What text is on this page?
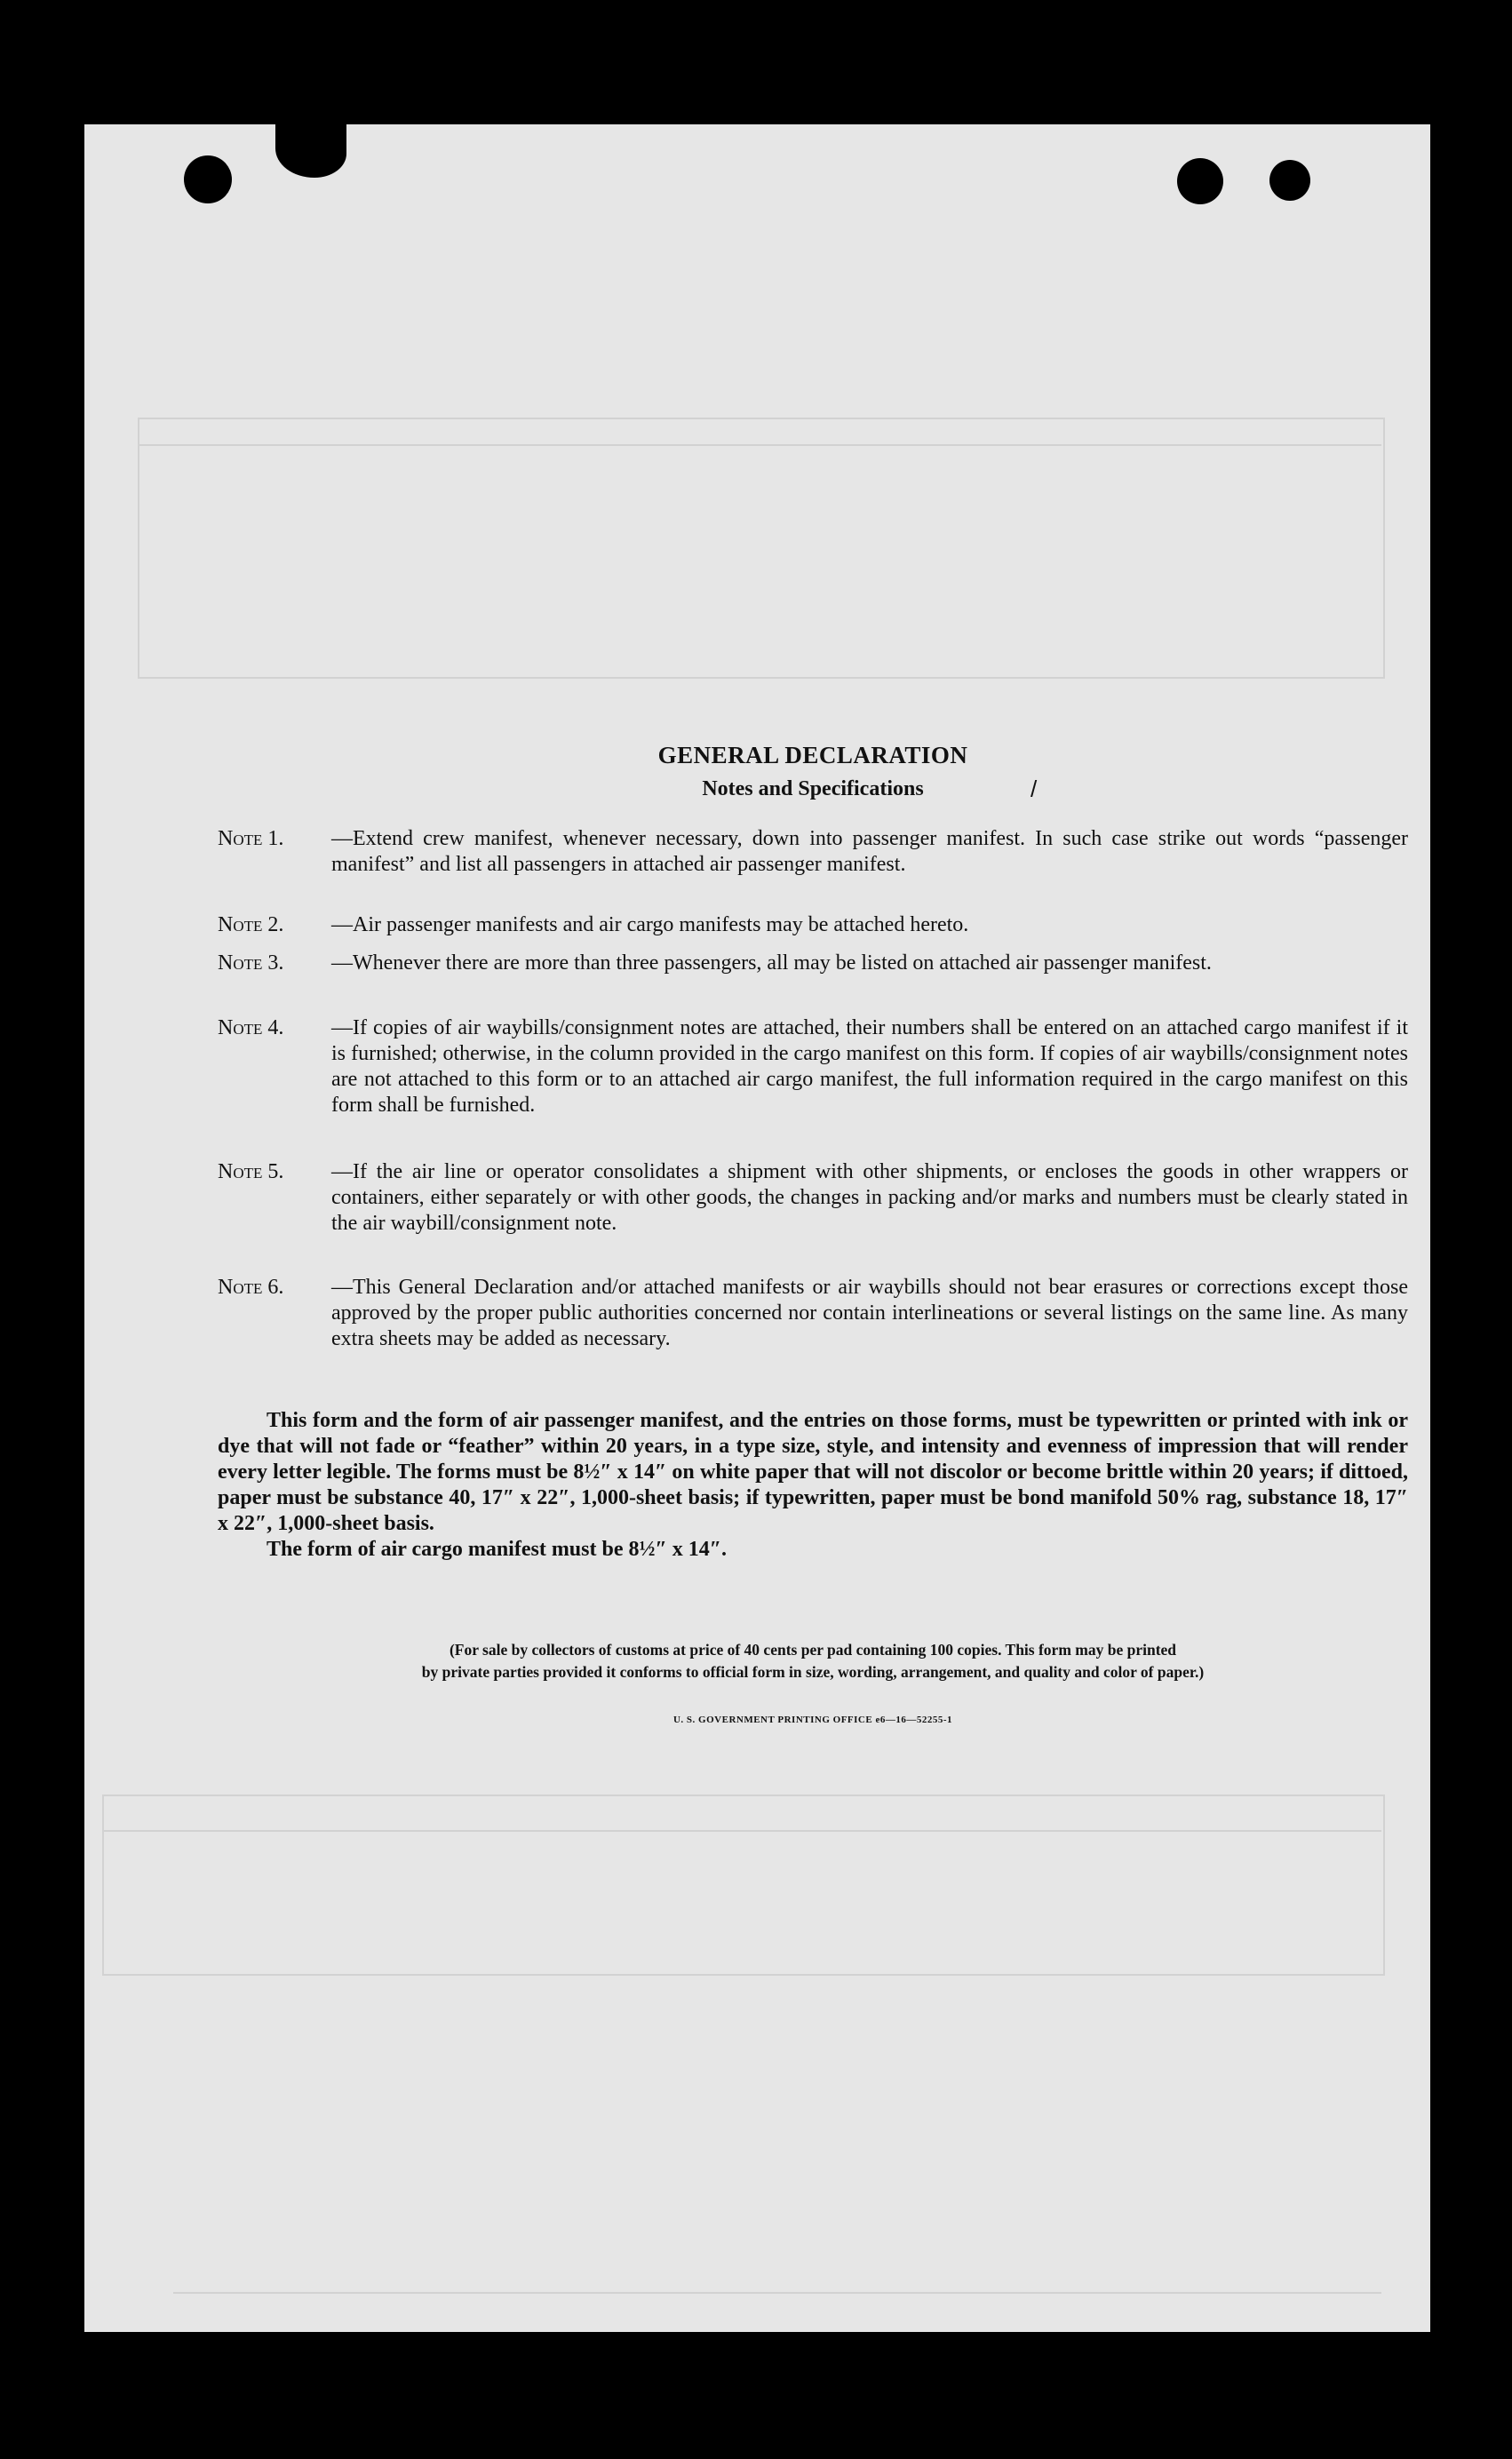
GENERAL DECLARATION
Notes and Specifications	/
Note 1.	—Extend crew manifest, whenever necessary, down into passenger manifest. In such case strike out words “passenger manifest” and list all passengers in attached air passenger manifest.
Note 2.	—Air passenger manifests and air cargo manifests may be attached hereto.
Note 3.	—Whenever there are more than three passengers, all may be listed on attached air passenger manifest.
Note 4.	—If copies of air waybills/consignment notes are attached, their numbers shall be entered on an attached cargo manifest if it is furnished; otherwise, in the column provided in the cargo manifest on this form. If copies of air waybills/consignment notes are not attached to this form or to an attached air cargo manifest, the full information required in the cargo manifest on this form shall be furnished.
Note 5.	—If the air line or operator consolidates a shipment with other shipments, or encloses the goods in other wrappers or containers, either separately or with other goods, the changes in packing and/or marks and numbers must be clearly stated in the air waybill/consignment note.
Note 6.	—This General Declaration and/or attached manifests or air waybills should not bear erasures or corrections except those approved by the proper public authorities concerned nor contain interlineations or several listings on the same line. As many extra sheets may be added as necessary.

This form and the form of air passenger manifest, and the entries on those forms, must be typewritten or printed with ink or dye that will not fade or “feather” within 20 years, in a type size, style, and intensity and evenness of impression that will render every letter legible. The forms must be 8½″ x 14″ on white paper that will not discolor or become brittle within 20 years; if dittoed, paper must be substance 40, 17″ x 22″, 1,000-sheet basis; if typewritten, paper must be bond manifold 50% rag, substance 18, 17″ x 22″, 1,000-sheet basis.

The form of air cargo manifest must be 8½″ x 14″.

(For sale by collectors of customs at price of 40 cents per pad containing 100 copies. This form may be printed
by private parties provided it conforms to official form in size, wording, arrangement, and quality and color of paper.)
U. S. GOVERNMENT PRINTING OFFICE e6—16—52255-1
